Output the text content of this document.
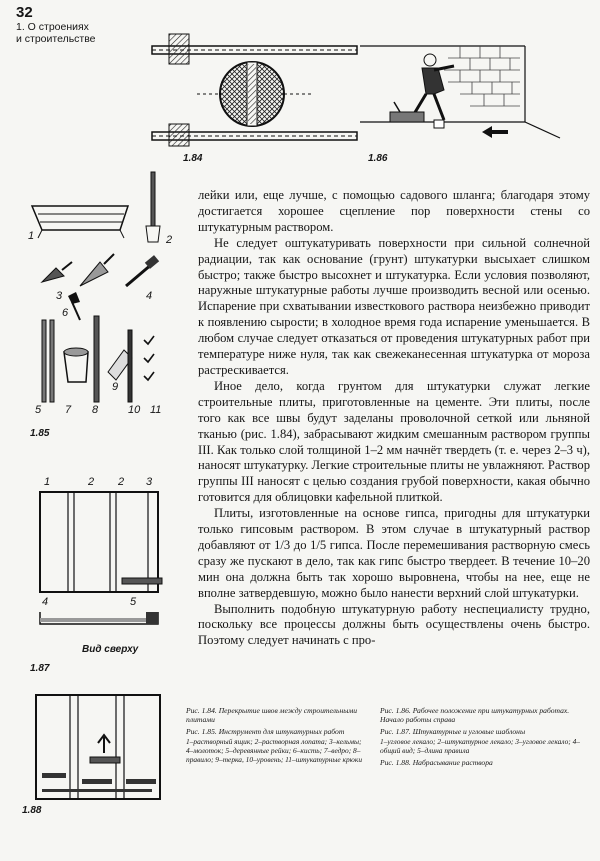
32
1. О строениях
и строительстве
1.84	1.86
1	2
3	4
6
5 7 8
9
10 11
1.85
1	2 2 3
4	5
Вид сверху
1.87
1.88

лейки или, еще лучше, с помощью садового шланга; благодаря этому достигается хорошее сцепление пор поверхности стены со штукатурным раствором.

Не следует оштукатуривать поверхности при сильной солнечной радиации, так как основание (грунт) штукатурки высыхает слишком быстро; также быстро высохнет и штукатурка. Если условия позволяют, наружные штукатурные работы лучше производить весной или осенью. Испарение при схватывании известкового раствора неизбежно приводит к появлению сырости; в холодное время года испарение уменьшается. В любом случае следует отказаться от проведения штукатурных работ при температуре ниже нуля, так как свежеканесенная штукатурка от мороза растрескивается.

Иное дело, когда грунтом для штукатурки служат легкие строительные плиты, приготовленные на цементе. Эти плиты, после того как все швы будут заделаны проволочной сеткой или льняной тканью (рис. 1.84), забрасывают жидким смешанным раствором группы III. Как только слой толщиной 1–2 мм начнёт твердеть (т. е. через 2–3 ч), наносят штукатурку. Легкие строительные плиты не увлажняют. Раствор группы III наносят с целью создания грубой поверхности, какая обычно готовится для облицовки кафельной плиткой.

Плиты, изготовленные на основе гипса, пригодны для штукатурки только гипсовым раствором. В этом случае в штукатурный раствор добавляют от 1/3 до 1/5 гипса. После перемешивания растворную смесь сразу же пускают в дело, так как гипс быстро твердеет. В течение 10–20 мин она должна быть так хорошо выровнена, чтобы на нее, еще не вполне затвердевшую, можно было нанести верхний слой штукатурки.

Выполнить подобную штукатурную работу неспециалисту трудно, поскольку все процессы должны быть осуществлены очень быстро. Поэтому следует начинать с про-

Рис. 1.84. Перекрытие швов между строительными плитами
Рис. 1.85. Инструмент для штукатурных работ
1–растворный ящик; 2–растворная лопата; 3–кельмы; 4–молоток; 5–деревянные рейки; 6–кисть; 7–ведро; 8–правило; 9–терка, 10–уровень; 11–штукатурные крюки
Рис. 1.86. Рабочее положение при штукатурных работах. Начало работы справа
Рис. 1.87. Штукатурные и угловые шаблоны
1–угловое лекало; 2–штукатурное лекало; 3–угловое лекало; 4–общий вид; 5–длина правила
Рис. 1.88. Набрасывание раствора
